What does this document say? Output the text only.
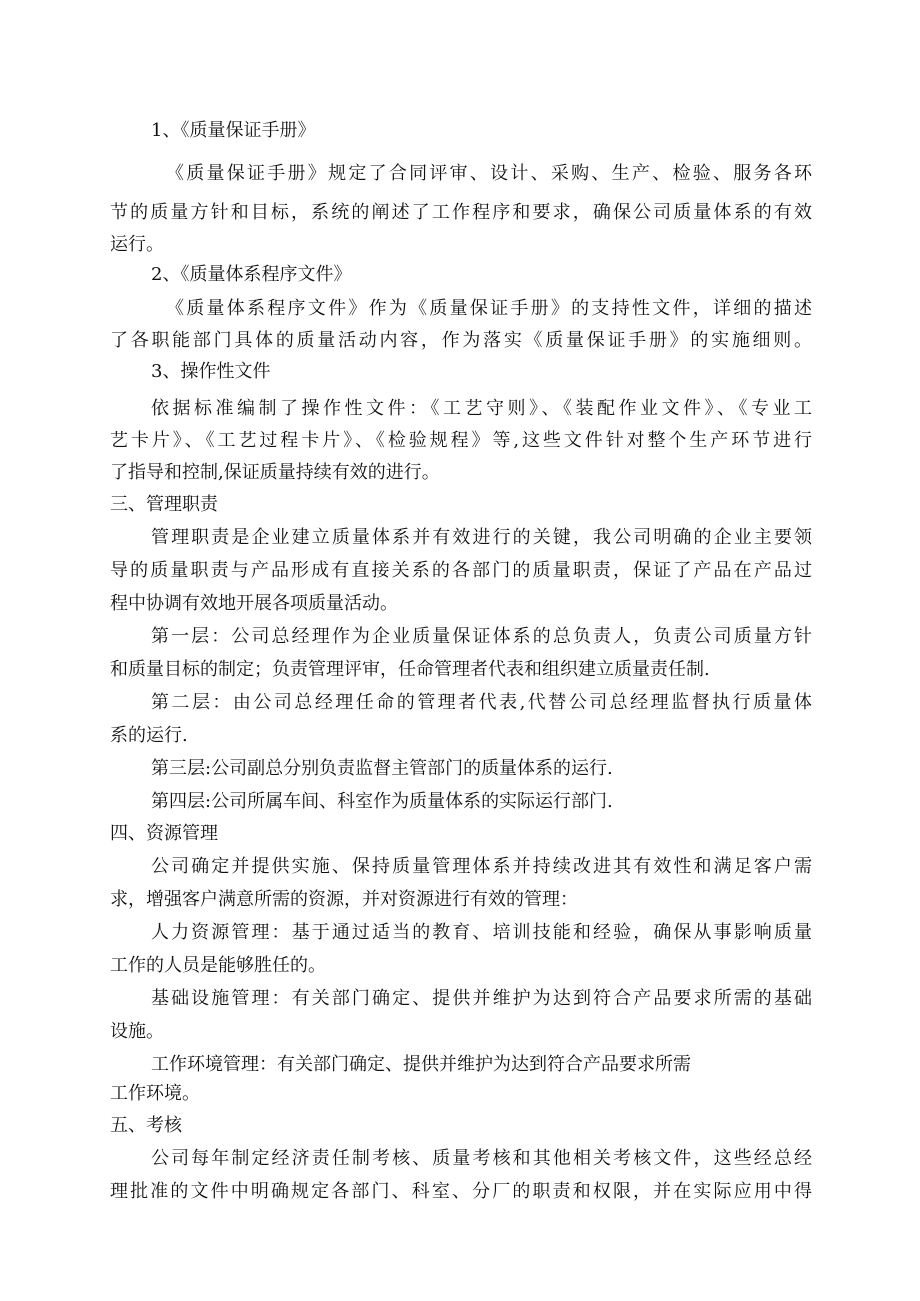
1、《质量保证手册》
《质量保证手册》规定了合同评审、设计、采购、生产、检验、服务各环
节的质量方针和目标，系统的阐述了工作程序和要求，确保公司质量体系的有效
运行。
2、《质量体系程序文件》
《质量体系程序文件》作为《质量保证手册》的支持性文件，详细的描述
了各职能部门具体的质量活动内容，作为落实《质量保证手册》的实施细则。
3、操作性文件
依据标准编制了操作性文件：《工艺守则》、《装配作业文件》、《专业工
艺卡片》、《工艺过程卡片》、《检验规程》等,这些文件针对整个生产环节进行
了指导和控制,保证质量持续有效的进行。
三、管理职责
管理职责是企业建立质量体系并有效进行的关键，我公司明确的企业主要领
导的质量职责与产品形成有直接关系的各部门的质量职责，保证了产品在产品过
程中协调有效地开展各项质量活动。
第一层：公司总经理作为企业质量保证体系的总负责人，负责公司质量方针
和质量目标的制定；负责管理评审，任命管理者代表和组织建立质量责任制.
第二层：由公司总经理任命的管理者代表,代替公司总经理监督执行质量体
系的运行.
第三层:公司副总分别负责监督主管部门的质量体系的运行.
第四层:公司所属车间、科室作为质量体系的实际运行部门.
四、资源管理
公司确定并提供实施、保持质量管理体系并持续改进其有效性和满足客户需
求，增强客户满意所需的资源，并对资源进行有效的管理：
人力资源管理：基于通过适当的教育、培训技能和经验，确保从事影响质量
工作的人员是能够胜任的。
基础设施管理：有关部门确定、提供并维护为达到符合产品要求所需的基础
设施。
工作环境管理：有关部门确定、提供并维护为达到符合产品要求所需
工作环境。
五、考核
公司每年制定经济责任制考核、质量考核和其他相关考核文件，这些经总经
理批准的文件中明确规定各部门、科室、分厂的职责和权限，并在实际应用中得
